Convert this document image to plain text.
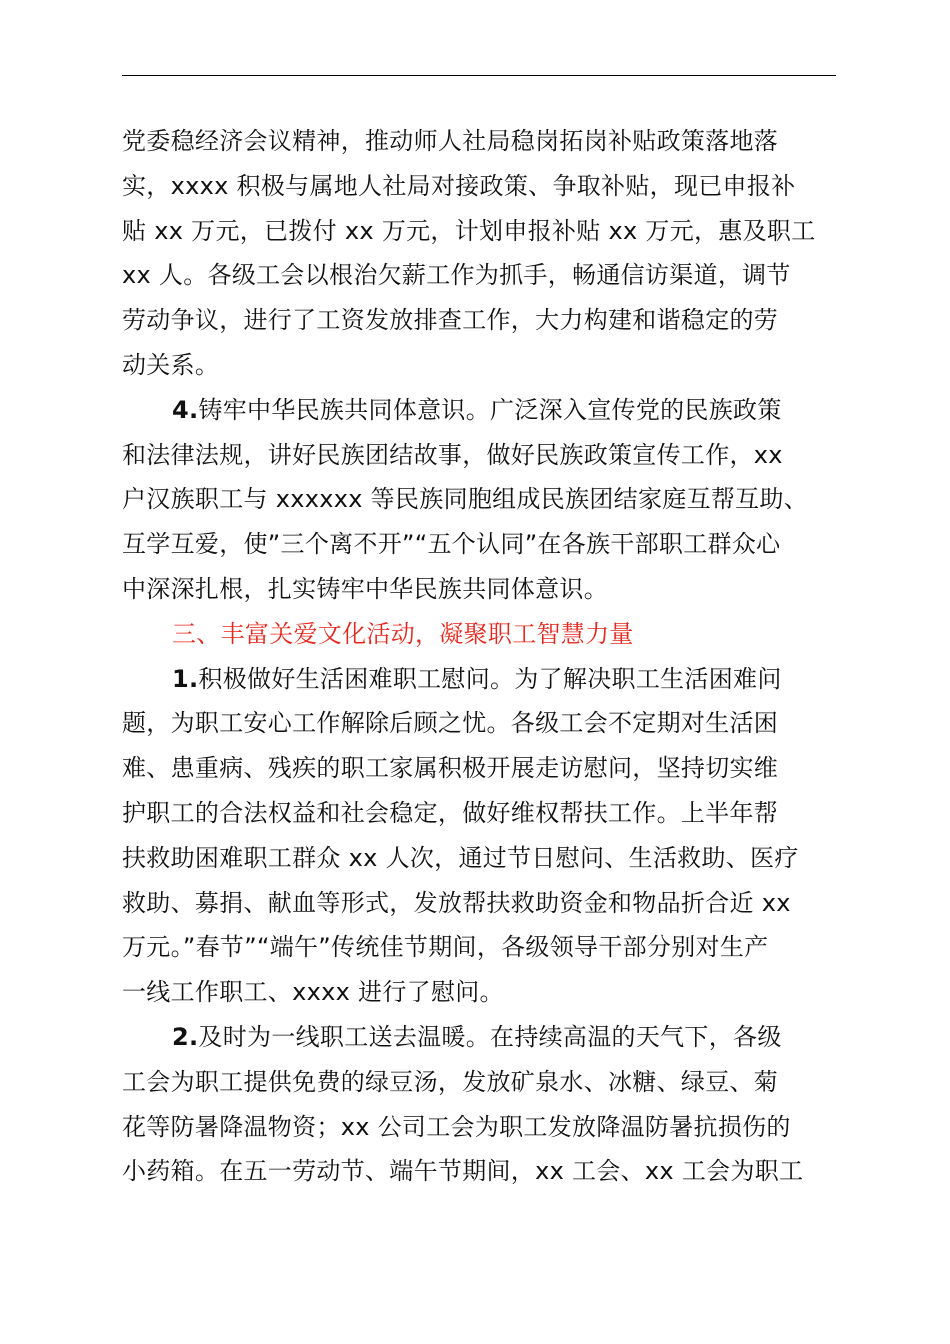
党委稳经济会议精神，推动师人社局稳岗拓岗补贴政策落地落
实，xxxx 积极与属地人社局对接政策、争取补贴，现已申报补
贴 xx 万元，已拨付 xx 万元，计划申报补贴 xx 万元，惠及职工
xx 人。各级工会以根治欠薪工作为抓手，畅通信访渠道，调节
劳动争议，进行了工资发放排查工作，大力构建和谐稳定的劳
动关系。
4.铸牢中华民族共同体意识。广泛深入宣传党的民族政策
和法律法规，讲好民族团结故事，做好民族政策宣传工作，xx
户汉族职工与 xxxxxx 等民族同胞组成民族团结家庭互帮互助、
互学互爱，使”三个离不开”“五个认同”在各族干部职工群众心
中深深扎根，扎实铸牢中华民族共同体意识。
三、丰富关爱文化活动，凝聚职工智慧力量
1.积极做好生活困难职工慰问。为了解决职工生活困难问
题，为职工安心工作解除后顾之忧。各级工会不定期对生活困
难、患重病、残疾的职工家属积极开展走访慰问，坚持切实维
护职工的合法权益和社会稳定，做好维权帮扶工作。上半年帮
扶救助困难职工群众 xx 人次，通过节日慰问、生活救助、医疗
救助、募捐、献血等形式，发放帮扶救助资金和物品折合近 xx
万元。”春节”“端午”传统佳节期间，各级领导干部分别对生产
一线工作职工、xxxx 进行了慰问。
2.及时为一线职工送去温暖。在持续高温的天气下，各级
工会为职工提供免费的绿豆汤，发放矿泉水、冰糖、绿豆、菊
花等防暑降温物资；xx 公司工会为职工发放降温防暑抗损伤的
小药箱。在五一劳动节、端午节期间，xx 工会、xx 工会为职工
